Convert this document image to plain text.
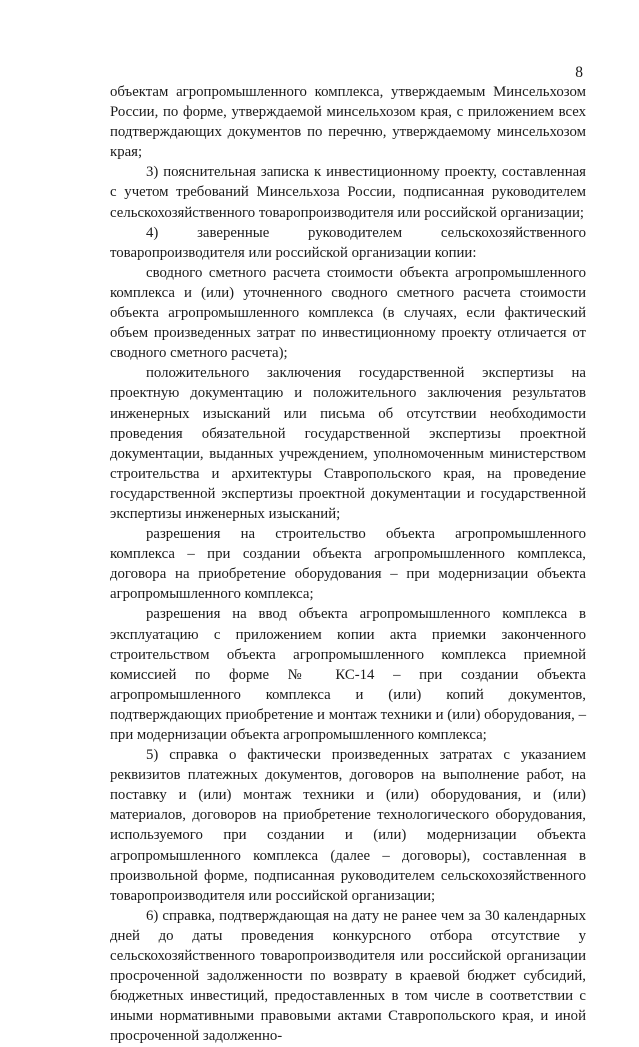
8

объектам агропромышленного комплекса, утверждаемым Минсельхозом России, по форме, утверждаемой минсельхозом края, с приложением всех подтверждающих документов по перечню, утверждаемому минсельхозом края;

3) пояснительная записка к инвестиционному проекту, составленная с учетом требований Минсельхоза России, подписанная руководителем сельскохозяйственного товаропроизводителя или российской организации;

4) заверенные руководителем сельскохозяйственного товаропроизводителя или российской организации копии:

сводного сметного расчета стоимости объекта агропромышленного комплекса и (или) уточненного сводного сметного расчета стоимости объекта агропромышленного комплекса (в случаях, если фактический объем произведенных затрат по инвестиционному проекту отличается от сводного сметного расчета);

положительного заключения государственной экспертизы на проектную документацию и положительного заключения результатов инженерных изысканий или письма об отсутствии необходимости проведения обязательной государственной экспертизы проектной документации, выданных учреждением, уполномоченным министерством строительства и архитектуры Ставропольского края, на проведение государственной экспертизы проектной документации и государственной экспертизы инженерных изысканий;

разрешения на строительство объекта агропромышленного комплекса – при создании объекта агропромышленного комплекса, договора на приобретение оборудования – при модернизации объекта агропромышленного комплекса;

разрешения на ввод объекта агропромышленного комплекса в эксплуатацию с приложением копии акта приемки законченного строительством объекта агропромышленного комплекса приемной комиссией по форме № КС-14 – при создании объекта агропромышленного комплекса и (или) копий документов, подтверждающих приобретение и монтаж техники и (или) оборудования, – при модернизации объекта агропромышленного комплекса;

5) справка о фактически произведенных затратах с указанием реквизитов платежных документов, договоров на выполнение работ, на поставку и (или) монтаж техники и (или) оборудования, и (или) материалов, договоров на приобретение технологического оборудования, используемого при создании и (или) модернизации объекта агропромышленного комплекса (далее – договоры), составленная в произвольной форме, подписанная руководителем сельскохозяйственного товаропроизводителя или российской организации;

6) справка, подтверждающая на дату не ранее чем за 30 календарных дней до даты проведения конкурсного отбора отсутствие у сельскохозяйственного товаропроизводителя или российской организации просроченной задолженности по возврату в краевой бюджет субсидий, бюджетных инвестиций, предоставленных в том числе в соответствии с иными нормативными правовыми актами Ставропольского края, и иной просроченной задолженно-
